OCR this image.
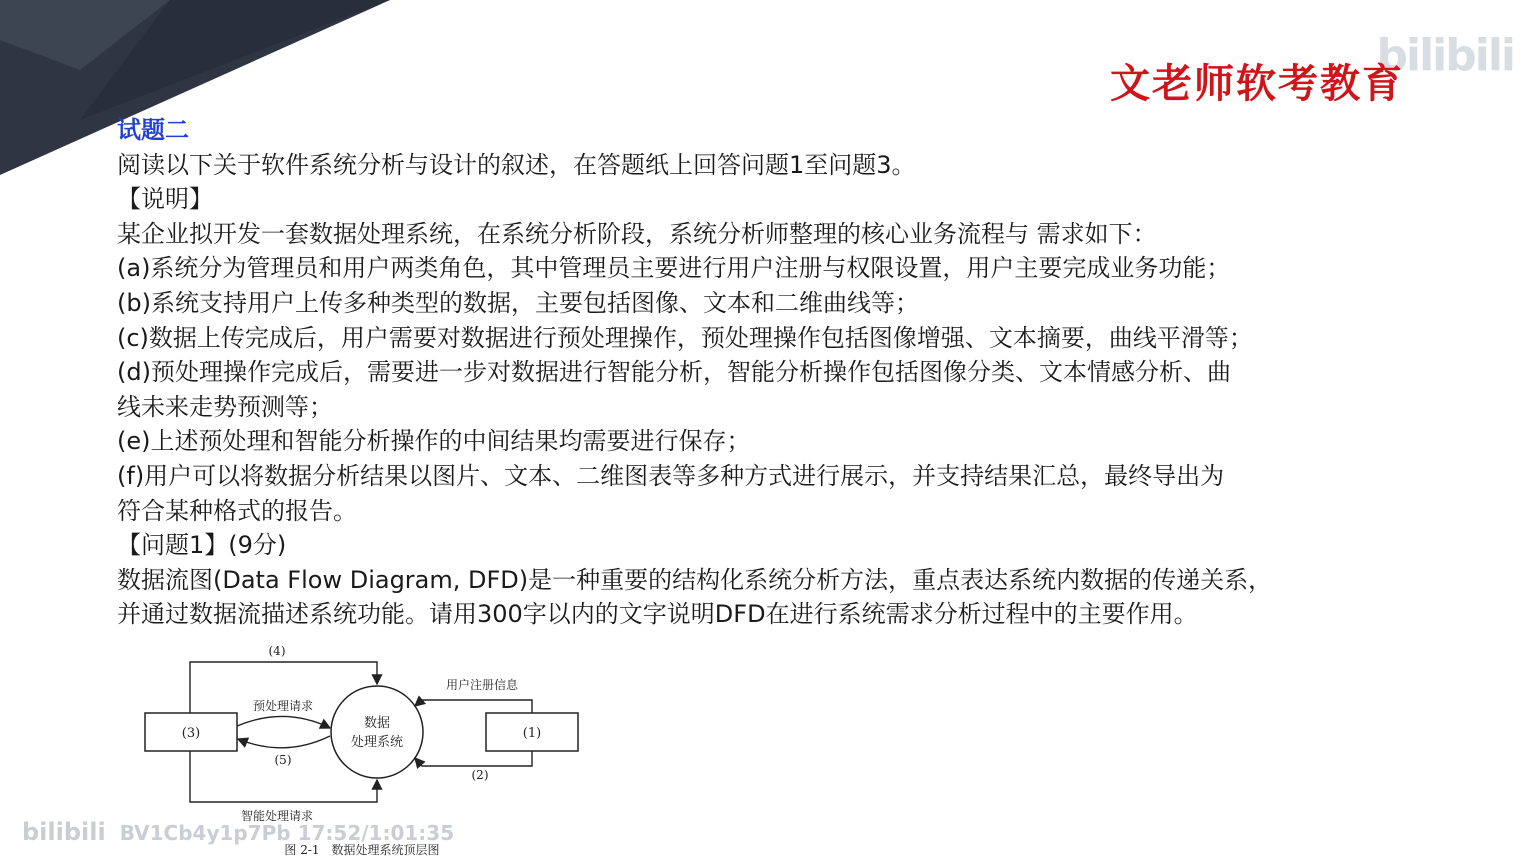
bilibili
文老师软考教育
试题二
阅读以下关于软件系统分析与设计的叙述，在答题纸上回答问题1至问题3。
【说明】
某企业拟开发一套数据处理系统，在系统分析阶段，系统分析师整理的核心业务流程与 需求如下：
(a)系统分为管理员和用户两类角色，其中管理员主要进行用户注册与权限设置，用户主要完成业务功能；
(b)系统支持用户上传多种类型的数据，主要包括图像、文本和二维曲线等；
(c)数据上传完成后，用户需要对数据进行预处理操作，预处理操作包括图像增强、文本摘要，曲线平滑等；
(d)预处理操作完成后，需要进一步对数据进行智能分析，智能分析操作包括图像分类、文本情感分析、曲
线未来走势预测等；
(e)上述预处理和智能分析操作的中间结果均需要进行保存；
(f)用户可以将数据分析结果以图片、文本、二维图表等多种方式进行展示，并支持结果汇总，最终导出为
符合某种格式的报告。
【问题1】(9分)
数据流图(Data Flow Diagram, DFD)是一种重要的结构化系统分析方法，重点表达系统内数据的传递关系，
并通过数据流描述系统功能。请用300字以内的文字说明DFD在进行系统需求分析过程中的主要作用。
(3)	(1)
数据
处理系统
(4)
用户注册信息
预处理请求
(5)
(2)
智能处理请求
图 2-1　数据处理系统顶层图
bilibili BV1Cb4y1p7Pb 17:52/1:01:35
